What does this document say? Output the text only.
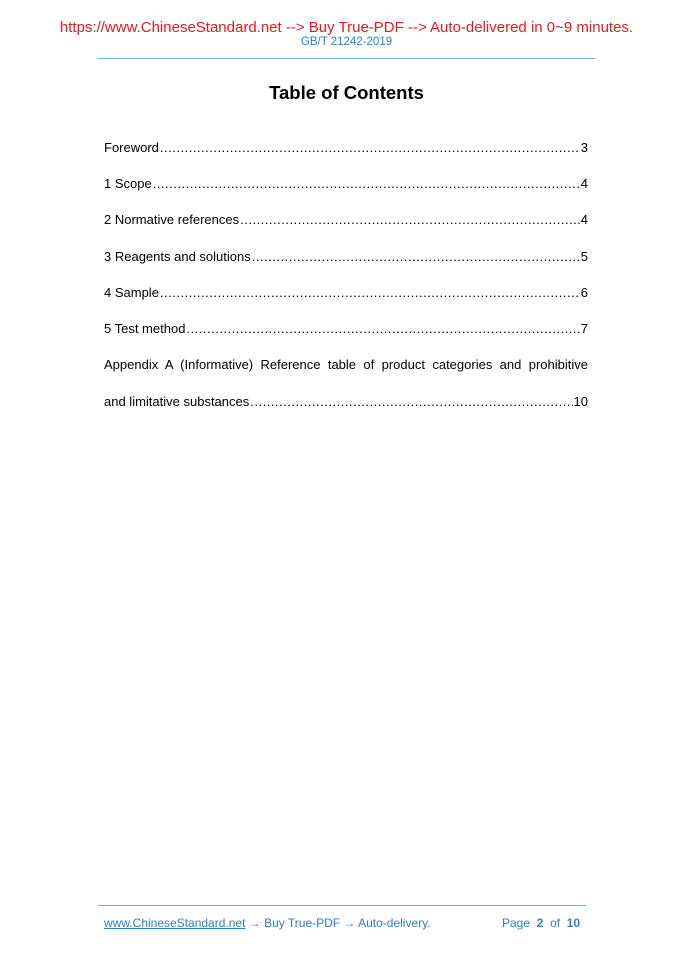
https://www.ChineseStandard.net --> Buy True-PDF --> Auto-delivered in 0~9 minutes.
GB/T 21242-2019
Table of Contents
Foreword .....	3
1 Scope .....	4
2 Normative references .....	4
3 Reagents and solutions .....	5
4 Sample .....	6
5 Test method .....	7
Appendix A (Informative) Reference table of product categories and prohibitive
and limitative substances .....	10
www.ChineseStandard.net → Buy True-PDF → Auto-delivery.	Page 2 of 10
